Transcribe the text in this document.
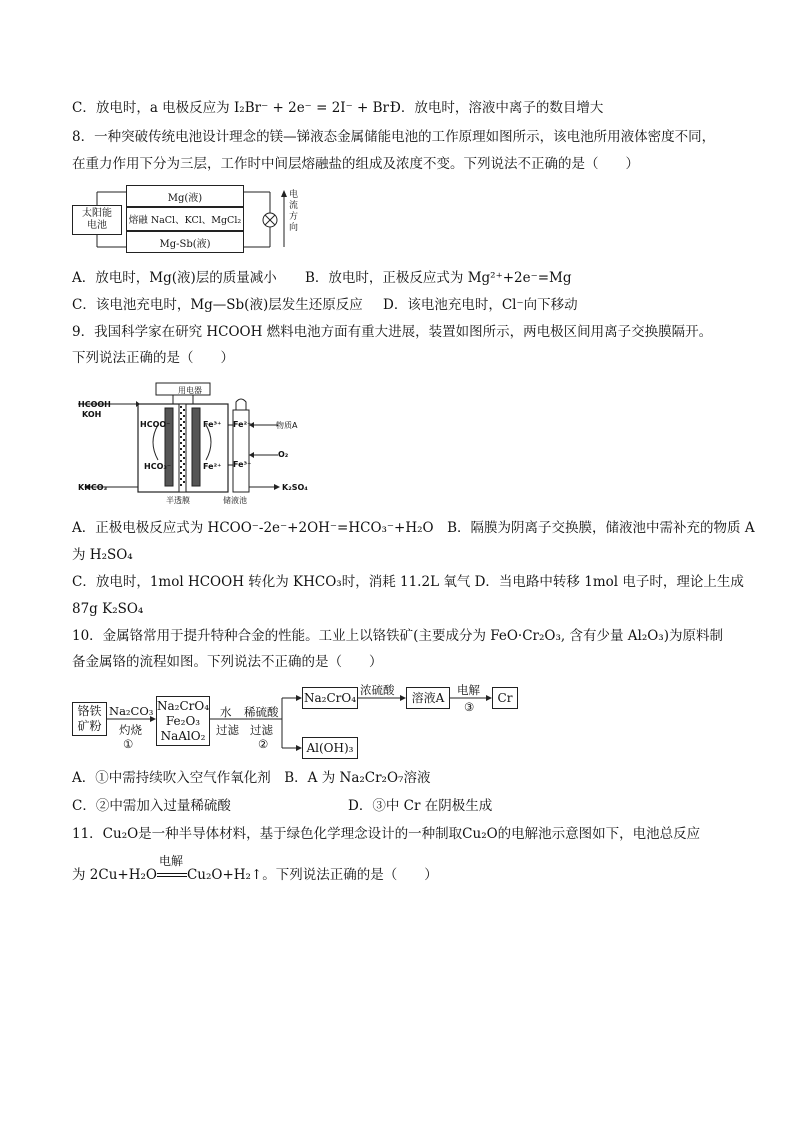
C．放电时，a 电极反应为 I₂Br⁻ + 2e⁻ = 2I⁻ + Br⁻
D．放电时，溶液中离子的数目增大
8．一种突破传统电池设计理念的镁—锑液态金属储能电池的工作原理如图所示，该电池所用液体密度不同，
在重力作用下分为三层，工作时中间层熔融盐的组成及浓度不变。下列说法不正确的是（　　）
太阳能
电池
Mg(液)
熔融 NaCl、KCl、MgCl₂
Mg-Sb(液)
电
流
方
向
A．放电时，Mg(液)层的质量减小 B．放电时，正极反应式为 Mg²⁺+2e⁻=Mg
C．该电池充电时，Mg—Sb(液)层发生还原反应 D．该电池充电时，Cl⁻向下移动
9．我国科学家在研究 HCOOH 燃料电池方面有重大进展，装置如图所示，两电极区间用离子交换膜隔开。
下列说法正确的是（　　）
用电器
HCOOH
KOH
KHCO₃
HCOO⁻
HCO₃⁻
Fe³⁺
Fe²⁺
Fe²⁺
Fe³⁺
物质A
O₂
K₂SO₄
半透膜	储液池
A．正极电极反应式为 HCOO⁻-2e⁻+2OH⁻=HCO₃⁻+H₂O　B．隔膜为阴离子交换膜，储液池中需补充的物质 A
为 H₂SO₄
C．放电时，1mol HCOOH 转化为 KHCO₃时，消耗 11.2L 氧气 D．当电路中转移 1mol 电子时，理论上生成
87g K₂SO₄
10．金属铬常用于提升特种合金的性能。工业上以铬铁矿(主要成分为 FeO·Cr₂O₃, 含有少量 Al₂O₃)为原料制
备金属铬的流程如图。下列说法不正确的是（　　）
铬铁
矿粉
Na₂CO₃
灼烧
①
Na₂CrO₄
Fe₂O₃
NaAlO₂
水 稀硫酸
过滤 过滤
②
Na₂CrO₄
浓硫酸
溶液A
电解
③
Cr
Al(OH)₃
A．①中需持续吹入空气作氧化剂　B．A 为 Na₂Cr₂O₇溶液
C．②中需加入过量稀硫酸	D．③中 Cr 在阴极生成
11．Cu₂O是一种半导体材料，基于绿色化学理念设计的一种制取Cu₂O的电解池示意图如下，电池总反应
为 2Cu+H₂O
电解
Cu₂O+H₂↑。下列说法正确的是（　　）
